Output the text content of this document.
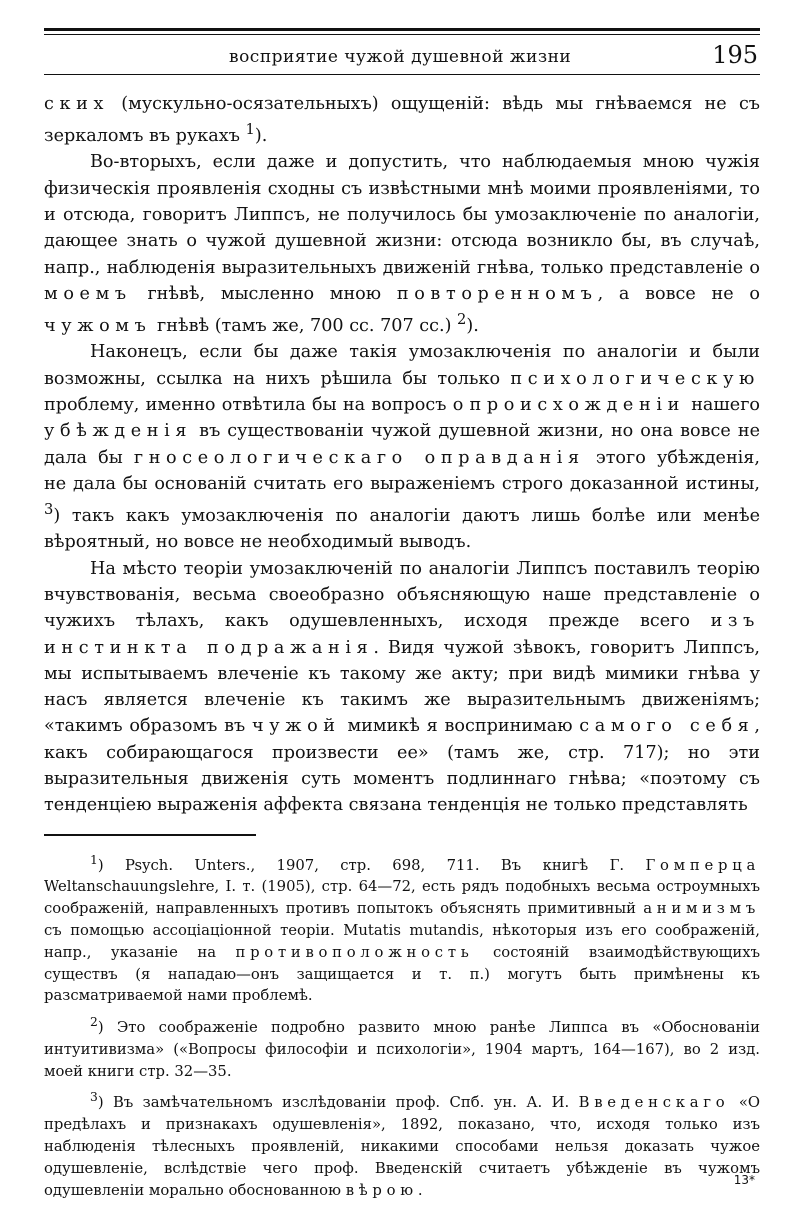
восприятие чужой душевной жизни	195

ских (мускульно-осязательныхъ) ощущеній: вѣдь мы гнѣваемся не съ зеркаломъ въ рукахъ $^1$).

Во-вторыхъ, если даже и допустить, что наблюдаемыя мною чужія физическія проявленія сходны съ извѣстными мнѣ моими проявленіями, то и отсюда, говоритъ Липпсъ, не получилось бы умозаключеніе по аналогіи, дающее знать о чужой душевной жизни: отсюда возникло бы, въ случаѣ, напр., наблюденія выразительныхъ движеній гнѣва, только представленіе о моемъ гнѣвѣ, мысленно мною повторенномъ, а вовсе не о чужомъ гнѣвѣ (тамъ же, 700 сс. 707 сс.) $^2$).

Наконецъ, если бы даже такія умозаключенія по аналогіи и были возможны, ссылка на нихъ рѣшила бы только психологическую проблему, именно отвѣтила бы на вопросъ о происхожденіи нашего убѣжденія въ существованіи чужой душевной жизни, но она вовсе не дала бы гносеологическаго оправданія этого убѣжденія, не дала бы основаній считать его выраженіемъ строго доказанной истины, $^3$) такъ какъ умозаключенія по аналогіи даютъ лишь болѣе или менѣе вѣроятный, но вовсе не необходимый выводъ.

На мѣсто теоріи умозаключеній по аналогіи Липпсъ поставилъ теорію вчувствованія, весьма своеобразно объясняющую наше представленіе о чужихъ тѣлахъ, какъ одушевленныхъ, исходя прежде всего изъ инстинкта подражанія. Видя чужой зѣвокъ, говоритъ Липпсъ, мы испытываемъ влеченіе къ такому же акту; при видѣ мимики гнѣва у насъ является влеченіе къ такимъ же выразительнымъ движеніямъ; «такимъ образомъ въ чужой мимикѣ я воспринимаю самого себя, какъ собирающагося произвести ее» (тамъ же, стр. 717); но эти выразительныя движенія суть моментъ подлиннаго гнѣва; «поэтому съ тенденціею выраженія аффекта связана тенденція не только представлять

$^1$) Psych. Unters., 1907, стр. 698, 711. Въ книгѣ Г. Гомперца Weltanschauungslehre, I. т. (1905), стр. 64—72, есть рядъ подобныхъ весьма остроумныхъ соображеній, направленныхъ противъ попытокъ объяснять примитивный анимизмъ съ помощью ассоціаціонной теоріи. Mutatis mutandis, нѣкоторыя изъ его соображеній, напр., указаніе на противоположность состояній взаимодѣйствующихъ существъ (я нападаю—онъ защищается и т. п.) могутъ быть примѣнены къ разсматриваемой нами проблемѣ.

$^2$) Это соображеніе подробно развито мною ранѣе Липпса въ «Обоснованіи интуитивизма» («Вопросы философіи и психологіи», 1904 мартъ, 164—167), во 2 изд. моей книги стр. 32—35.

$^3$) Въ замѣчательномъ изслѣдованіи проф. Спб. ун. А. И. Введенскаго «О предѣлахъ и признакахъ одушевленія», 1892, показано, что, исходя только изъ наблюденія тѣлесныхъ проявленій, никакими способами нельзя доказать чужое одушевленіе, вслѣдствіе чего проф. Введенскій считаетъ убѣжденіе въ чужомъ одушевленіи морально обоснованною вѣрою.

13*
